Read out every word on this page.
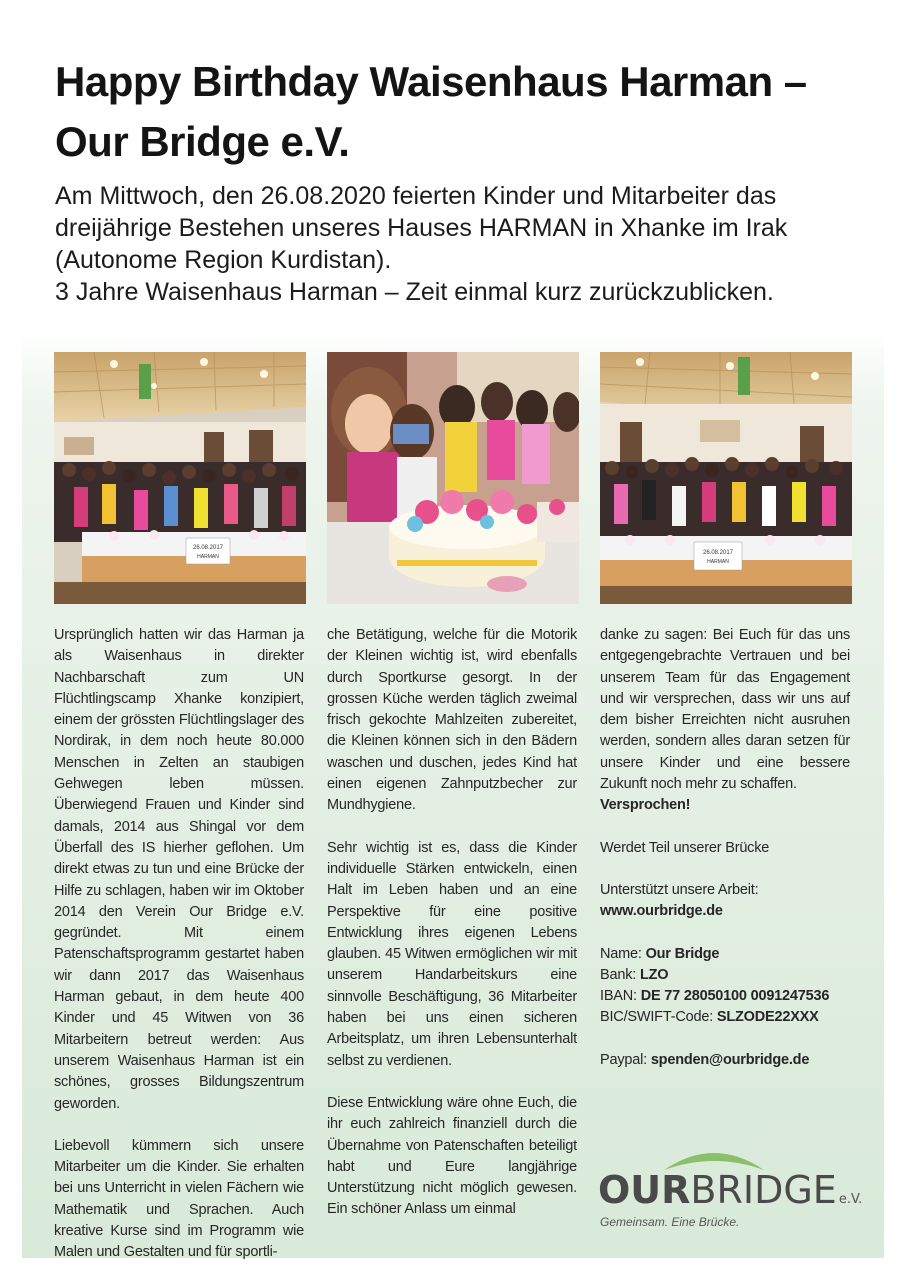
Happy Birthday Waisenhaus Harman – Our Bridge e.V.
Am Mittwoch, den 26.08.2020 feierten Kinder und Mitarbeiter das dreijährige Bestehen unseres Hauses HARMAN in Xhanke im Irak (Autonome Region Kurdistan).
3 Jahre Waisenhaus Harman – Zeit einmal kurz zurückzublicken.
26.08.2017
HARMAN
26.08.2017
HARMAN

Ursprünglich hatten wir das Harman ja als Waisenhaus in direkter Nachbarschaft zum UN Flüchtlingscamp Xhanke konzipiert, einem der grössten Flüchtlingslager des Nordirak, in dem noch heute 80.000 Menschen in Zelten an staubigen Gehwegen leben müssen. Überwiegend Frauen und Kinder sind damals, 2014 aus Shingal vor dem Überfall des IS hierher geflohen. Um direkt etwas zu tun und eine Brücke der Hilfe zu schlagen, haben wir im Oktober 2014 den Verein Our Bridge e.V. gegründet. Mit einem Patenschaftsprogramm gestartet haben wir dann 2017 das Waisenhaus Harman gebaut, in dem heute 400 Kinder und 45 Witwen von 36 Mitarbeitern betreut werden: Aus unserem Waisenhaus Harman ist ein schönes, grosses Bildungszentrum geworden.

Liebevoll kümmern sich unsere Mitarbeiter um die Kinder. Sie erhalten bei uns Unterricht in vielen Fächern wie Mathematik und Sprachen. Auch kreative Kurse sind im Programm wie Malen und Gestalten und für sportli-

che Betätigung, welche für die Motorik der Kleinen wichtig ist, wird ebenfalls durch Sportkurse gesorgt. In der grossen Küche werden täglich zweimal frisch gekochte Mahlzeiten zubereitet, die Kleinen können sich in den Bädern waschen und duschen, jedes Kind hat einen eigenen Zahnputzbecher zur Mundhygiene.

Sehr wichtig ist es, dass die Kinder individuelle Stärken entwickeln, einen Halt im Leben haben und an eine Perspektive für eine positive Entwicklung ihres eigenen Lebens glauben. 45 Witwen ermöglichen wir mit unserem Handarbeitskurs eine sinnvolle Beschäftigung, 36 Mitarbeiter haben bei uns einen sicheren Arbeitsplatz, um ihren Lebensunterhalt selbst zu verdienen.

Diese Entwicklung wäre ohne Euch, die ihr euch zahlreich finanziell durch die Übernahme von Patenschaften beteiligt habt und Eure langjährige Unterstützung nicht möglich gewesen. Ein schöner Anlass um einmal

danke zu sagen: Bei Euch für das uns entgegengebrachte Vertrauen und bei unserem Team für das Engagement und wir versprechen, dass wir uns auf dem bisher Erreichten nicht ausruhen werden, sondern alles daran setzen für unsere Kinder und eine bessere Zukunft noch mehr zu schaffen.

Versprochen!

Werdet Teil unserer Brücke

Unterstützt unsere Arbeit:
www.ourbridge.de

Name: Our Bridge
Bank: LZO
IBAN: DE 77 28050100 0091247536
BIC/SWIFT-Code: SLZODE22XXX

Paypal: spenden@ourbridge.de

OURBRIDGE e.V.
Gemeinsam. Eine Brücke.
